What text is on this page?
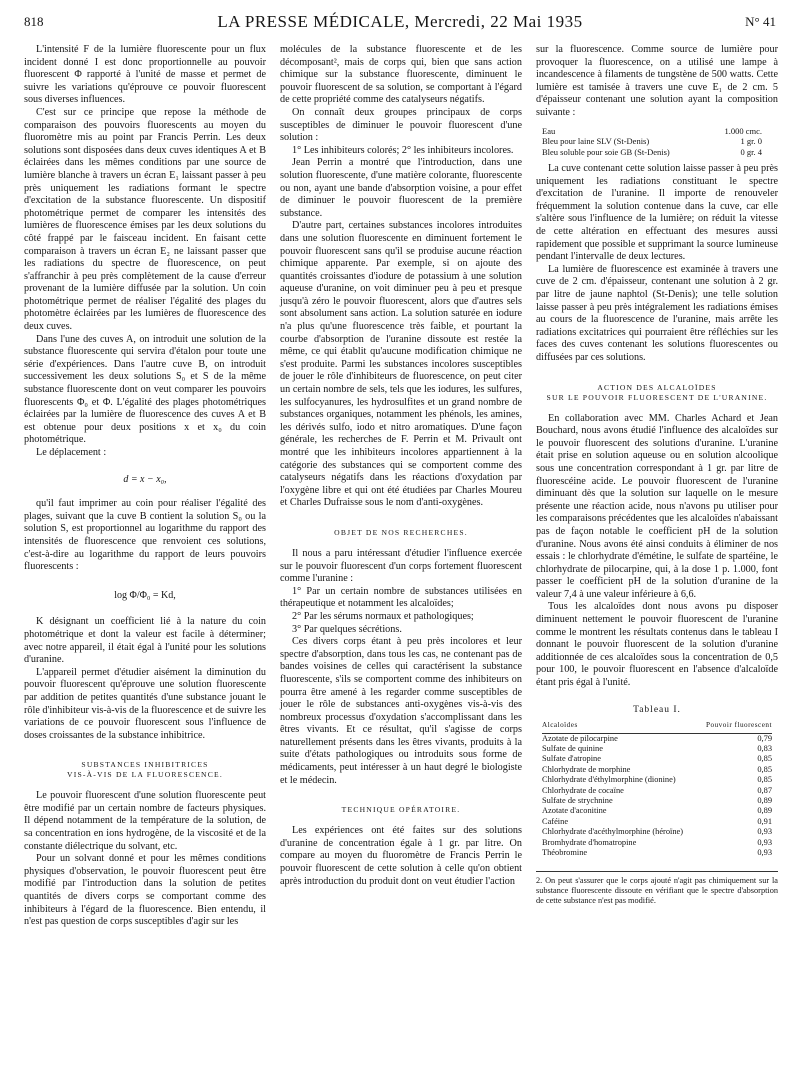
818	LA PRESSE MÉDICALE, Mercredi, 22 Mai 1935	N° 41

L'intensité F de la lumière fluorescente pour un flux incident donné I est donc proportionnelle au pouvoir fluorescent Φ rapporté à l'unité de masse et permet de suivre les variations qu'éprouve ce pouvoir fluorescent sous diverses influences.

C'est sur ce principe que repose la méthode de comparaison des pouvoirs fluorescents au moyen du fluoromètre mis au point par Francis Perrin. Les deux solutions sont disposées dans deux cuves identiques A et B éclairées dans les mêmes conditions par une source de lumière blanche à travers un écran E₁ laissant passer à peu près uniquement les radiations formant le spectre d'excitation de la substance fluorescente. Un dispositif photométrique permet de comparer les intensités des lumières de fluorescence émises par les deux solutions du côté frappé par le faisceau incident. En faisant cette comparaison à travers un écran E₂ ne laissant passer que les radiations du spectre de fluorescence, on peut s'affranchir à peu près complètement de la cause d'erreur provenant de la lumière diffusée par la solution. Un coin photométrique permet de réaliser l'égalité des plages du photomètre éclairées par les lumières de fluorescence des deux cuves.

Dans l'une des cuves A, on introduit une solution de la substance fluorescente qui servira d'étalon pour toute une série d'expériences. Dans l'autre cuve B, on introduit successivement les deux solutions S₀ et S de la même substance fluorescente dont on veut comparer les pouvoirs fluorescents Φ₀ et Φ. L'égalité des plages photométriques éclairées par la lumière de fluorescence des cuves A et B est obtenue pour deux positions x et x₀ du coin photométrique.

Le déplacement :

d = x − x₀,

qu'il faut imprimer au coin pour réaliser l'égalité des plages, suivant que la cuve B contient la solution S₀ ou la solution S, est proportionnel au logarithme du rapport des intensités de fluorescence que renvoient ces solutions, c'est-à-dire au logarithme du rapport de leurs pouvoirs fluorescents :

log Φ/Φ₀ = Kd,

K désignant un coefficient lié à la nature du coin photométrique et dont la valeur est facile à déterminer; avec notre appareil, il était égal à l'unité pour les solutions d'uranine.

L'appareil permet d'étudier aisément la diminution du pouvoir fluorescent qu'éprouve une solution fluorescente par addition de petites quantités d'une substance jouant le rôle d'inhibiteur vis-à-vis de la fluorescence et de suivre les variations de ce pouvoir fluorescent sous l'influence de doses croissantes de la substance inhibitrice.

SUBSTANCES INHIBITRICES
VIS-À-VIS DE LA FLUORESCENCE.

Le pouvoir fluorescent d'une solution fluorescente peut être modifié par un certain nombre de facteurs physiques. Il dépend notamment de la température de la solution, de sa concentration en ions hydrogène, de la viscosité et de la constante diélectrique du solvant, etc.

Pour un solvant donné et pour les mêmes conditions physiques d'observation, le pouvoir fluorescent peut être modifié par l'introduction dans la solution de petites quantités de divers corps se comportant comme des inhibiteurs à l'égard de la fluorescence. Bien entendu, il n'est pas question de corps susceptibles d'agir sur les

molécules de la substance fluorescente et de les décomposant², mais de corps qui, bien que sans action chimique sur la substance fluorescente, diminuent le pouvoir fluorescent de sa solution, se comportant à l'égard de cette propriété comme des catalyseurs négatifs.

On connaît deux groupes principaux de corps susceptibles de diminuer le pouvoir fluorescent d'une solution :

1° Les inhibiteurs colorés; 2° les inhibiteurs incolores.

Jean Perrin a montré que l'introduction, dans une solution fluorescente, d'une matière colorante, fluorescente ou non, ayant une bande d'absorption voisine, a pour effet de diminuer le pouvoir fluorescent de la première substance.

D'autre part, certaines substances incolores introduites dans une solution fluorescente en diminuent fortement le pouvoir fluorescent sans qu'il se produise aucune réaction chimique apparente. Par exemple, si on ajoute des quantités croissantes d'iodure de potassium à une solution aqueuse d'uranine, on voit diminuer peu à peu et presque jusqu'à zéro le pouvoir fluorescent, alors que d'autres sels sont absolument sans action. La solution saturée en iodure n'a plus qu'une fluorescence très faible, et pourtant la courbe d'absorption de l'uranine dissoute est restée la même, ce qui établit qu'aucune modification chimique ne s'est produite. Parmi les substances incolores susceptibles de jouer le rôle d'inhibiteurs de fluorescence, on peut citer un certain nombre de sels, tels que les iodures, les sulfures, les sulfocyanures, les hydrosulfites et un grand nombre de substances organiques, notamment les phénols, les amines, les dérivés sulfo, iodo et nitro aromatiques. D'une façon générale, les recherches de F. Perrin et M. Privault ont montré que les inhibiteurs incolores appartiennent à la catégorie des substances qui se comportent comme des catalyseurs négatifs dans les réactions d'oxydation par l'oxygène libre et qui ont été étudiées par Charles Moureu et Charles Dufraisse sous le nom d'anti-oxygènes.

OBJET DE NOS RECHERCHES.

Il nous a paru intéressant d'étudier l'influence exercée sur le pouvoir fluorescent d'un corps fortement fluorescent comme l'uranine :

1° Par un certain nombre de substances utilisées en thérapeutique et notamment les alcaloïdes;

2° Par les sérums normaux et pathologiques;

3° Par quelques sécrétions.

Ces divers corps étant à peu près incolores et leur spectre d'absorption, dans tous les cas, ne contenant pas de bandes voisines de celles qui caractérisent la substance fluorescente, s'ils se comportent comme des inhibiteurs on pourra être amené à les regarder comme susceptibles de jouer le rôle de substances anti-oxygènes vis-à-vis des nombreux processus d'oxydation s'accomplissant dans les êtres vivants. Et ce résultat, qu'il s'agisse de corps naturellement présents dans les êtres vivants, produits à la suite d'états pathologiques ou introduits sous forme de médicaments, peut intéresser à un haut degré le biologiste et le médecin.

TECHNIQUE OPÉRATOIRE.

Les expériences ont été faites sur des solutions d'uranine de concentration égale à 1 gr. par litre. On compare au moyen du fluoromètre de Francis Perrin le pouvoir fluorescent de cette solution à celle qu'on obtient après introduction du produit dont on veut étudier l'action

sur la fluorescence. Comme source de lumière pour provoquer la fluorescence, on a utilisé une lampe à incandescence à filaments de tungstène de 500 watts. Cette lumière est tamisée à travers une cuve E₁ de 2 cm. 5 d'épaisseur contenant une solution ayant la composition suivante :

Eau	1.000 cmc.
Bleu pour laine SLV (St-Denis)	1 gr. 0
Bleu soluble pour soie GB (St-Denis)	0 gr. 4

La cuve contenant cette solution laisse passer à peu près uniquement les radiations constituant le spectre d'excitation de l'uranine. Il importe de renouveler fréquemment la solution contenue dans la cuve, car elle s'altère sous l'influence de la lumière; on réduit la vitesse de cette altération en effectuant des mesures aussi rapidement que possible et supprimant la source lumineuse pendant l'intervalle de deux lectures.

La lumière de fluorescence est examinée à travers une cuve de 2 cm. d'épaisseur, contenant une solution à 2 gr. par litre de jaune naphtol (St-Denis); une telle solution laisse passer à peu près intégralement les radiations émises au cours de la fluorescence de l'uranine, mais arrête les radiations excitatrices qui pourraient être réfléchies sur les faces des cuves contenant les solutions fluorescentes ou diffusées par ces solutions.

ACTION DES ALCALOÏDES
SUR LE POUVOIR FLUORESCENT DE L'URANINE.

En collaboration avec MM. Charles Achard et Jean Bouchard, nous avons étudié l'influence des alcaloïdes sur le pouvoir fluorescent des solutions d'uranine. L'uranine était prise en solution aqueuse ou en solution alcoolique sous une concentration correspondant à 1 gr. par litre de fluorescéine acide. Le pouvoir fluorescent de l'uranine diminuant dès que la solution sur laquelle on le mesure présente une réaction acide, nous n'avons pu utiliser pour les comparaisons précédentes que les alcaloïdes n'abaissant pas de façon notable le coefficient pH de la solution d'uranine. Nous avons été ainsi conduits à éliminer de nos essais : le chlorhydrate d'émétine, le sulfate de spartéine, le chlorhydrate de pilocarpine, qui, à la dose 1 p. 1.000, font passer le coefficient pH de la solution d'uranine de la valeur 7,4 à une valeur inférieure à 6,6.

Tous les alcaloïdes dont nous avons pu disposer diminuent nettement le pouvoir fluorescent de l'uranine comme le montrent les résultats contenus dans le tableau I donnant le pouvoir fluorescent de la solution d'uranine additionnée de ces alcaloïdes sous la concentration de 0,5 pour 100, le pouvoir fluorescent en l'absence d'alcaloïde étant pris égal à l'unité.

Tableau I.
Alcaloïdes	Pouvoir fluorescent
Azotate de pilocarpine	0,79
Sulfate de quinine	0,83
Sulfate d'atropine	0,85
Chlorhydrate de morphine	0,85
Chlorhydrate d'éthylmorphine (dionine)	0,85
Chlorhydrate de cocaïne	0,87
Sulfate de strychnine	0,89
Azotate d'aconitine	0,89
Caféine	0,91
Chlorhydrate d'acéthylmorphine (héroïne)	0,93
Bromhydrate d'homatropine	0,93
Théobromine	0,93
2. On peut s'assurer que le corps ajouté n'agit pas chimiquement sur la substance fluorescente dissoute en vérifiant que le spectre d'absorption de cette substance n'est pas modifié.
